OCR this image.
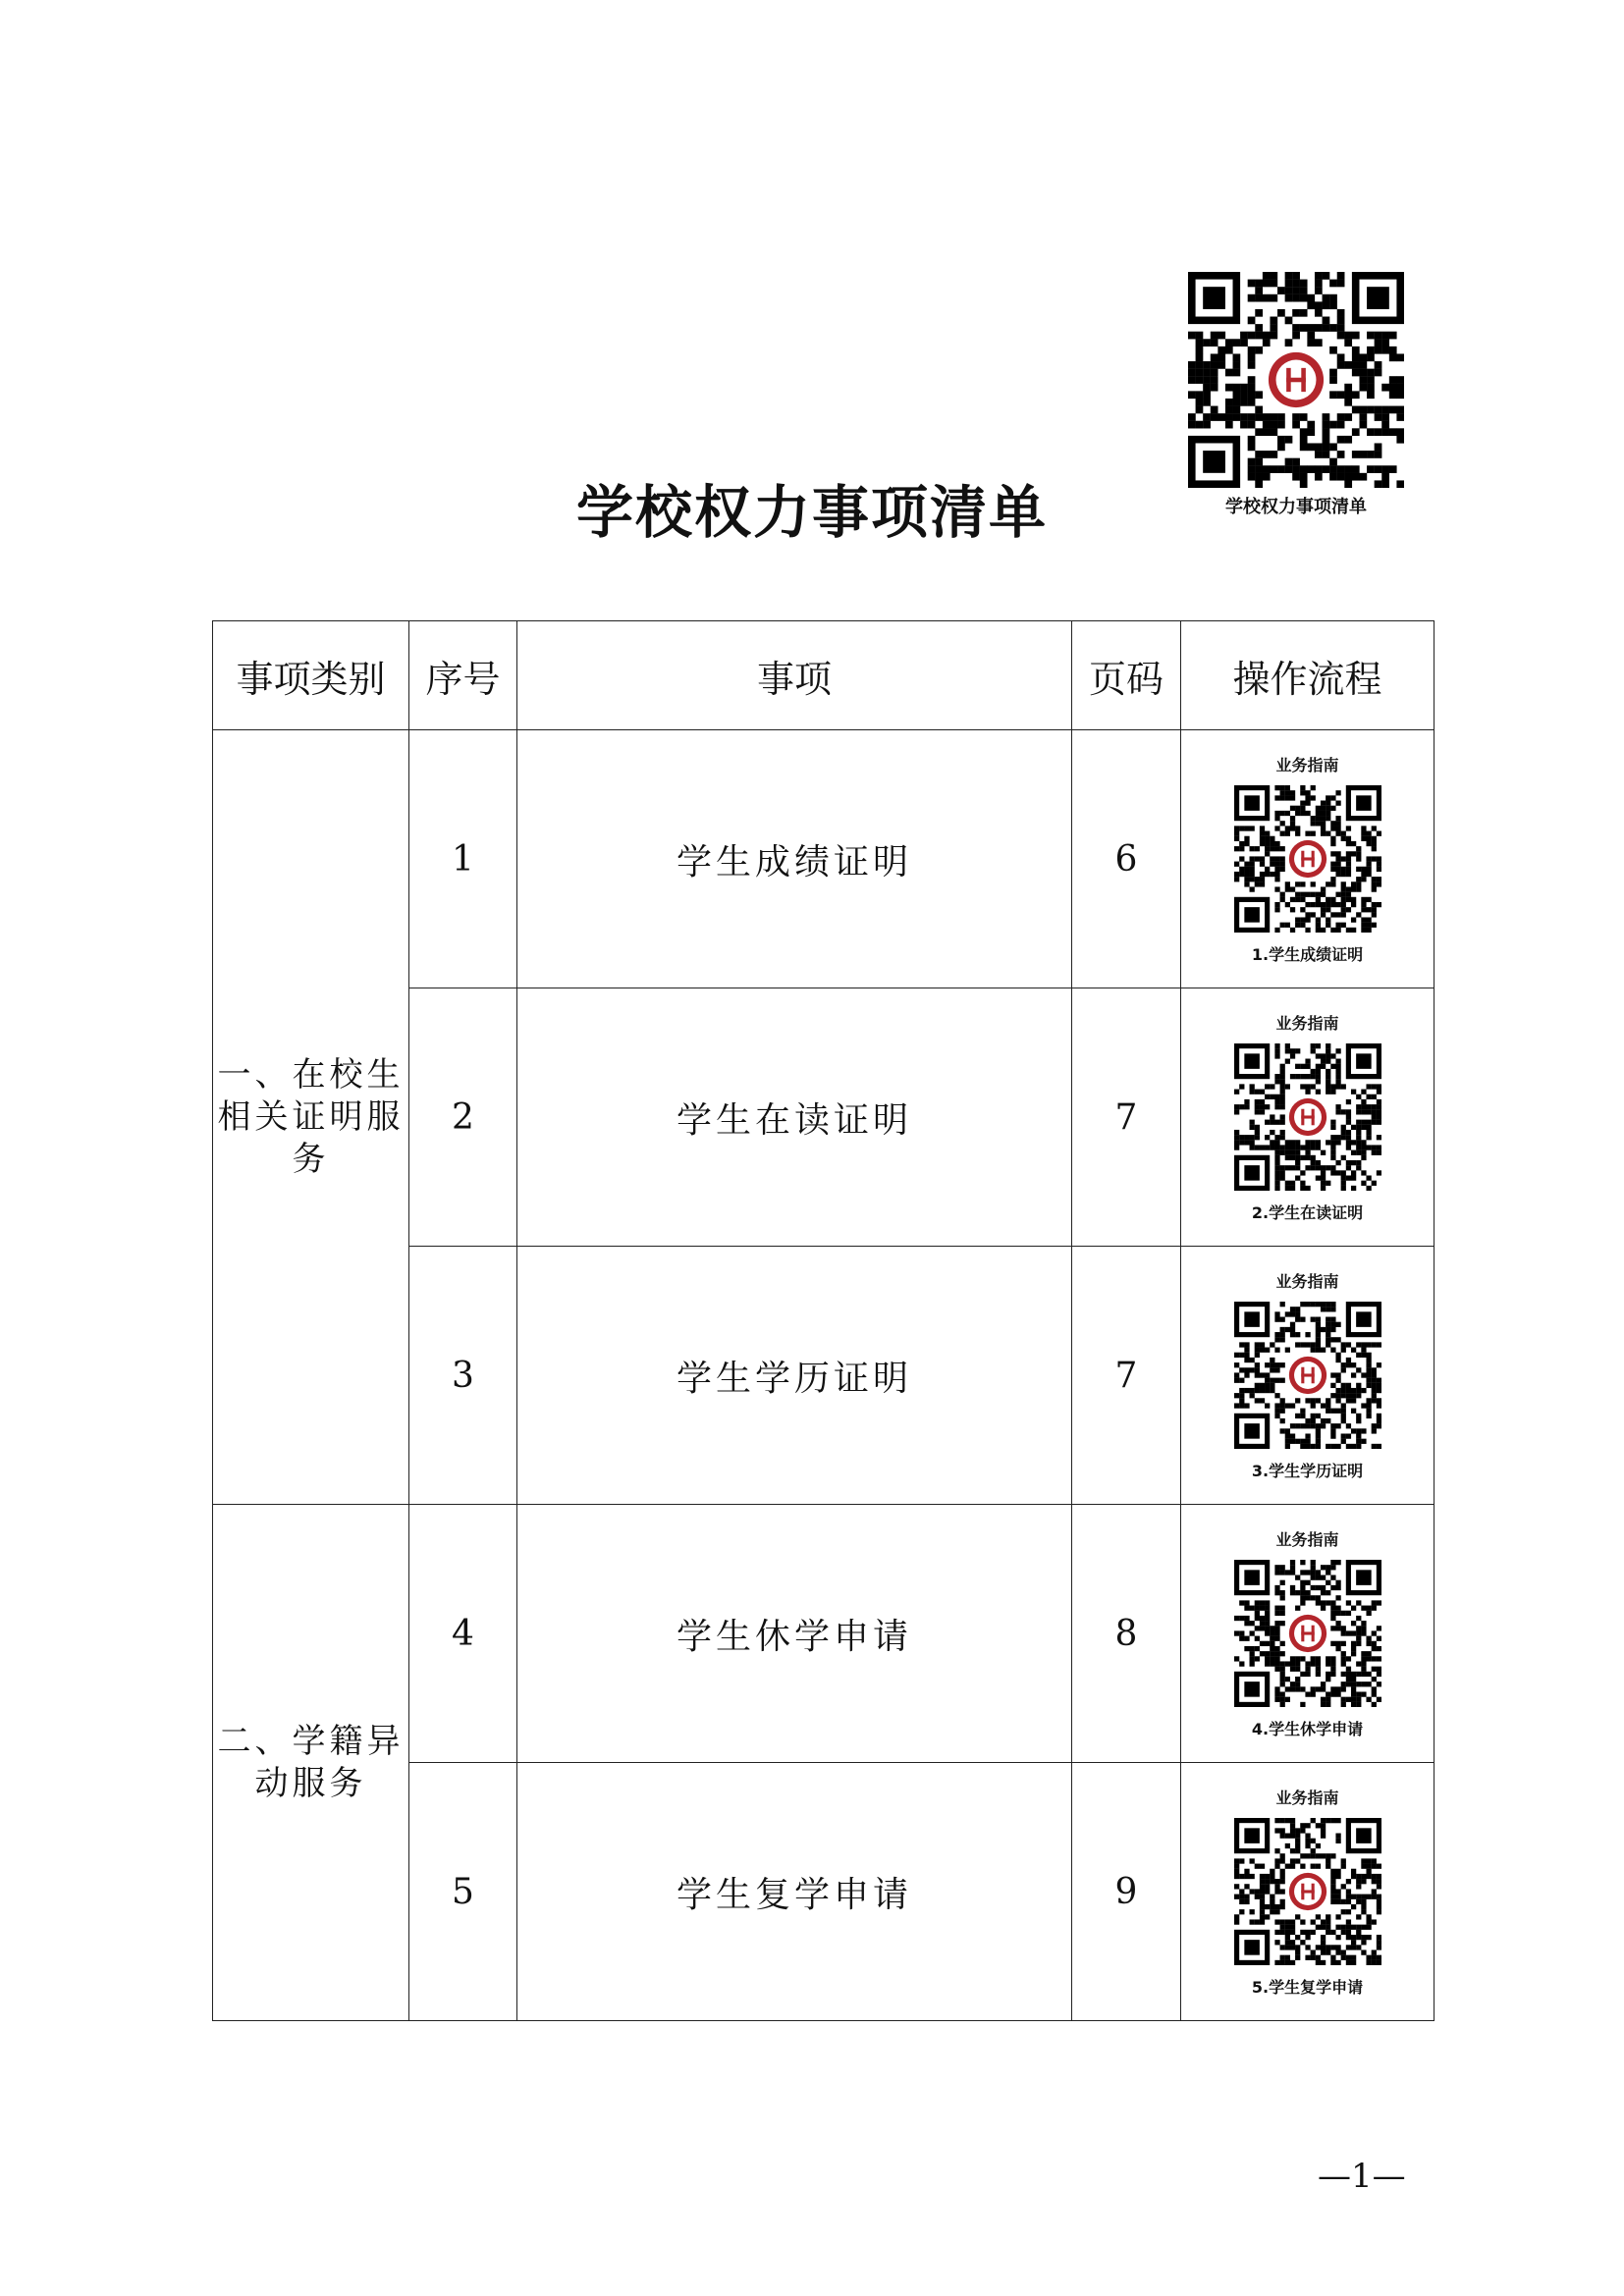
学校权力事项清单
学校权力事项清单
事项类别	序号	事项	页码	操作流程
一、在校生相关证明服务	1	学生成绩证明	6	业务指南
1.学生成绩证明

	2	学生在读证明	7	业务指南
2.学生在读证明

	3	学生学历证明	7	业务指南
3.学生学历证明

二、学籍异动服务	4	学生休学申请	8	业务指南
4.学生休学申请

	5	学生复学申请	9	业务指南
5.学生复学申请
—1—
